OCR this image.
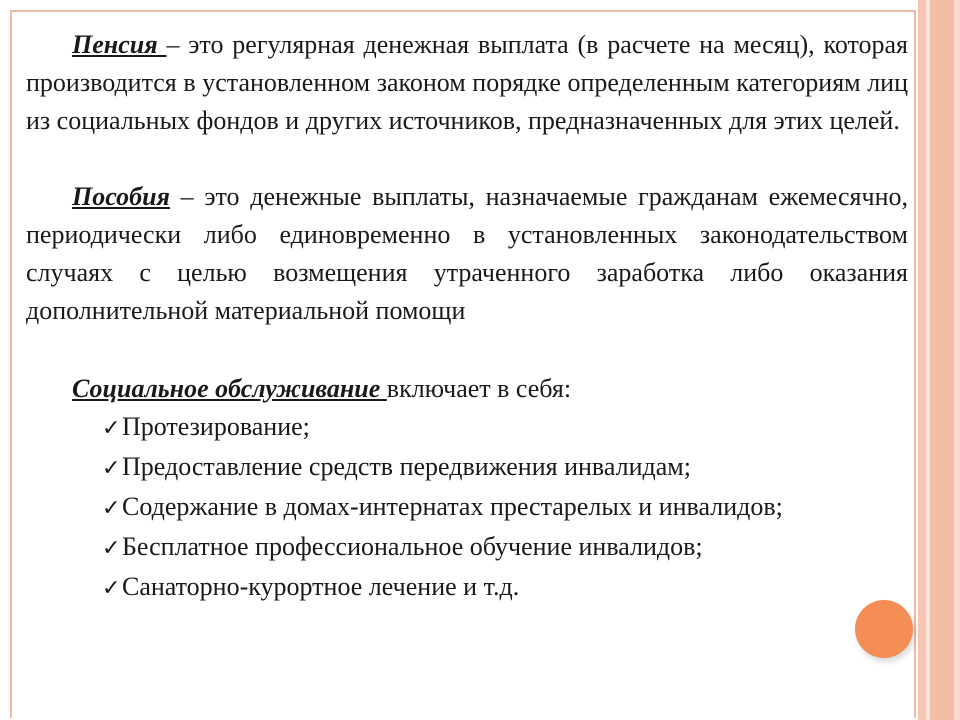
Пенсия – это регулярная денежная выплата (в расчете на месяц), которая производится в установленном законом порядке определенным категориям лиц из социальных фондов и других источников, предназначенных для этих целей.

Пособия – это денежные выплаты, назначаемые гражданам ежемесячно, периодически либо единовременно в установленных законодательством случаях с целью возмещения утраченного заработка либо оказания дополнительной материальной помощи

Социальное обслуживание включает в себя:
✓Протезирование;
✓Предоставление средств передвижения инвалидам;
✓Содержание в домах-интернатах престарелых и инвалидов;
✓Бесплатное профессиональное обучение инвалидов;
✓Санаторно-курортное лечение и т.д.
